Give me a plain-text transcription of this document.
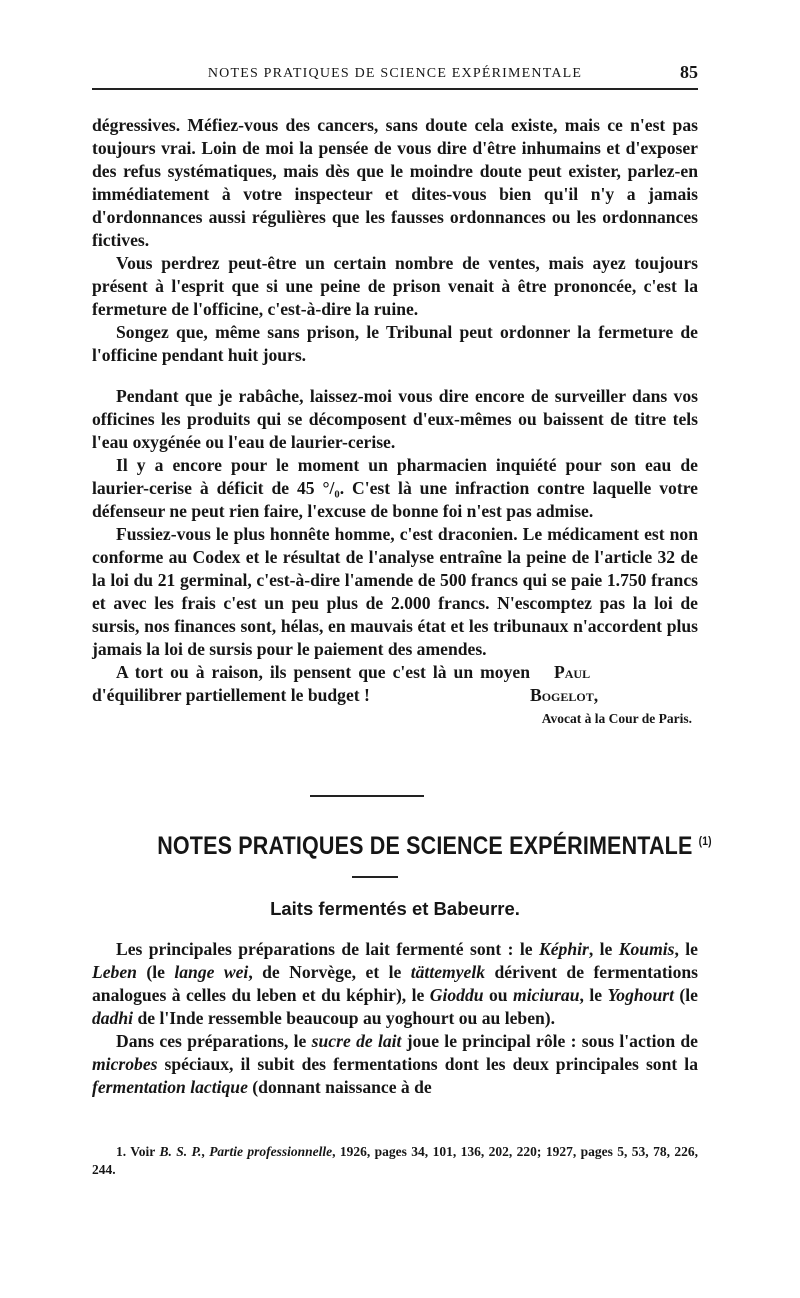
NOTES PRATIQUES DE SCIENCE EXPÉRIMENTALE	85

dégressives. Méfiez-vous des cancers, sans doute cela existe, mais ce n'est pas toujours vrai. Loin de moi la pensée de vous dire d'être inhumains et d'exposer des refus systématiques, mais dès que le moindre doute peut exister, parlez-en immédiatement à votre inspecteur et dites-vous bien qu'il n'y a jamais d'ordonnances aussi régulières que les fausses ordonnances ou les ordonnances fictives.

Vous perdrez peut-être un certain nombre de ventes, mais ayez toujours présent à l'esprit que si une peine de prison venait à être prononcée, c'est la fermeture de l'officine, c'est-à-dire la ruine.

Songez que, même sans prison, le Tribunal peut ordonner la fermeture de l'officine pendant huit jours.

Pendant que je rabâche, laissez-moi vous dire encore de surveiller dans vos officines les produits qui se décomposent d'eux-mêmes ou baissent de titre tels l'eau oxygénée ou l'eau de laurier-cerise.

Il y a encore pour le moment un pharmacien inquiété pour son eau de laurier-cerise à déficit de 45 °/₀. C'est là une infraction contre laquelle votre défenseur ne peut rien faire, l'excuse de bonne foi n'est pas admise.

Fussiez-vous le plus honnête homme, c'est draconien. Le médicament est non conforme au Codex et le résultat de l'analyse entraîne la peine de l'article 32 de la loi du 21 germinal, c'est-à-dire l'amende de 500 francs qui se paie 1.750 francs et avec les frais c'est un peu plus de 2.000 francs. N'escomptez pas la loi de sursis, nos finances sont, hélas, en mauvais état et les tribunaux n'accordent plus jamais la loi de sursis pour le paiement des amendes.

A tort ou à raison, ils pensent que c'est là un moyen d'équilibrer partiellement le budget !
Paul Bogelot,

Avocat à la Cour de Paris.
NOTES PRATIQUES DE SCIENCE EXPÉRIMENTALE $^{(1)}$
Laits fermentés et Babeurre.

Les principales préparations de lait fermenté sont : le Képhir, le Koumis, le Leben (le lange wei, de Norvège, et le tättemyelk dérivent de fermentations analogues à celles du leben et du képhir), le Gioddu ou miciurau, le Yoghourt (le dadhi de l'Inde ressemble beaucoup au yoghourt ou au leben).

Dans ces préparations, le sucre de lait joue le principal rôle : sous l'action de microbes spéciaux, il subit des fermentations dont les deux principales sont la fermentation lactique (donnant naissance à de

1. Voir B. S. P., Partie professionnelle, 1926, pages 34, 101, 136, 202, 220; 1927, pages 5, 53, 78, 226, 244.
